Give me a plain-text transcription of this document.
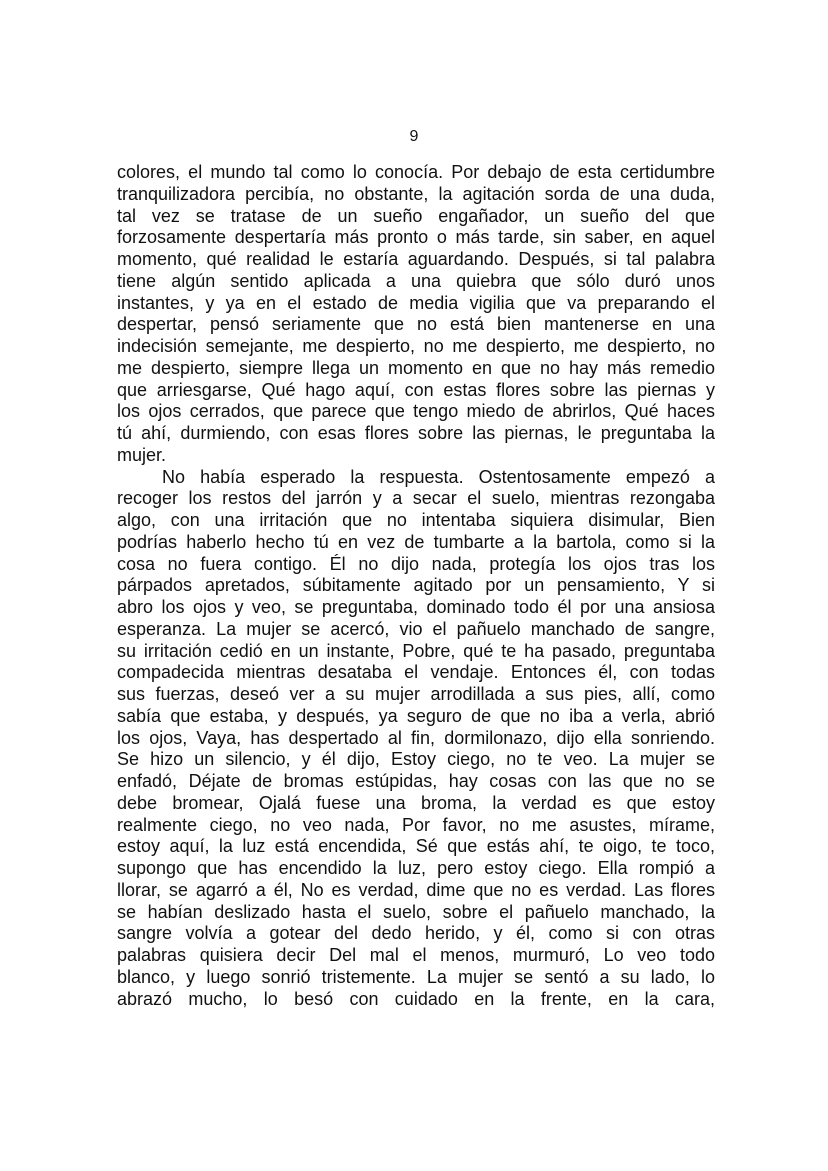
9
colores, el mundo tal como lo conocía. Por debajo de esta certidumbre
tranquilizadora percibía, no obstante, la agitación sorda de una duda,
tal vez se tratase de un sueño engañador, un sueño del que
forzosamente despertaría más pronto o más tarde, sin saber, en aquel
momento, qué realidad le estaría aguardando. Después, si tal palabra
tiene algún sentido aplicada a una quiebra que sólo duró unos
instantes, y ya en el estado de media vigilia que va preparando el
despertar, pensó seriamente que no está bien mantenerse en una
indecisión semejante, me despierto, no me despierto, me despierto, no
me despierto, siempre llega un momento en que no hay más remedio
que arriesgarse, Qué hago aquí, con estas flores sobre las piernas y
los ojos cerrados, que parece que tengo miedo de abrirlos, Qué haces
tú ahí, durmiendo, con esas flores sobre las piernas, le preguntaba la
mujer.
No había esperado la respuesta. Ostentosamente empezó a
recoger los restos del jarrón y a secar el suelo, mientras rezongaba
algo, con una irritación que no intentaba siquiera disimular, Bien
podrías haberlo hecho tú en vez de tumbarte a la bartola, como si la
cosa no fuera contigo. Él no dijo nada, protegía los ojos tras los
párpados apretados, súbitamente agitado por un pensamiento, Y si
abro los ojos y veo, se preguntaba, dominado todo él por una ansiosa
esperanza. La mujer se acercó, vio el pañuelo manchado de sangre,
su irritación cedió en un instante, Pobre, qué te ha pasado, preguntaba
compadecida mientras desataba el vendaje. Entonces él, con todas
sus fuerzas, deseó ver a su mujer arrodillada a sus pies, allí, como
sabía que estaba, y después, ya seguro de que no iba a verla, abrió
los ojos, Vaya, has despertado al fin, dormilonazo, dijo ella sonriendo.
Se hizo un silencio, y él dijo, Estoy ciego, no te veo. La mujer se
enfadó, Déjate de bromas estúpidas, hay cosas con las que no se
debe bromear, Ojalá fuese una broma, la verdad es que estoy
realmente ciego, no veo nada, Por favor, no me asustes, mírame,
estoy aquí, la luz está encendida, Sé que estás ahí, te oigo, te toco,
supongo que has encendido la luz, pero estoy ciego. Ella rompió a
llorar, se agarró a él, No es verdad, dime que no es verdad. Las flores
se habían deslizado hasta el suelo, sobre el pañuelo manchado, la
sangre volvía a gotear del dedo herido, y él, como si con otras
palabras quisiera decir Del mal el menos, murmuró, Lo veo todo
blanco, y luego sonrió tristemente. La mujer se sentó a su lado, lo
abrazó mucho, lo besó con cuidado en la frente, en la cara,
